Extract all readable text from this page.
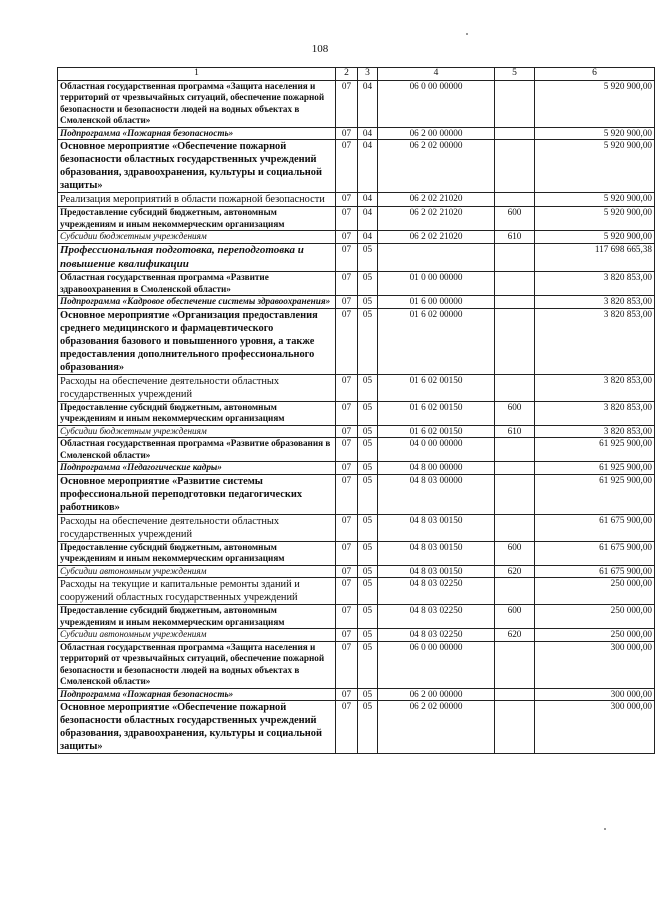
108
1	2	3	4	5	6
Областная государственная программа «Защита населения и территорий от чрезвычайных ситуаций, обеспечение пожарной безопасности и безопасности людей на водных объектах в Смоленской области»	07	04	06 0 00 00000		5 920 900,00
Подпрограмма «Пожарная безопасность»	07	04	06 2 00 00000		5 920 900,00
Основное мероприятие «Обеспечение пожарной безопасности областных государственных учреждений образования, здравоохранения, культуры и социальной защиты»	07	04	06 2 02 00000		5 920 900,00
Реализация мероприятий в области пожарной безопасности	07	04	06 2 02 21020		5 920 900,00
Предоставление субсидий бюджетным, автономным учреждениям и иным некоммерческим организациям	07	04	06 2 02 21020	600	5 920 900,00
Субсидии бюджетным учреждениям	07	04	06 2 02 21020	610	5 920 900,00
Профессиональная подготовка, переподготовка и повышение квалификации	07	05			117 698 665,38
Областная государственная программа «Развитие здравоохранения в Смоленской области»	07	05	01 0 00 00000		3 820 853,00
Подпрограмма «Кадровое обеспечение системы здравоохранения»	07	05	01 6 00 00000		3 820 853,00
Основное мероприятие «Организация предоставления среднего медицинского и фармацевтического образования базового и повышенного уровня, а также предоставления дополнительного профессионального образования»	07	05	01 6 02 00000		3 820 853,00
Расходы на обеспечение деятельности областных государственных учреждений	07	05	01 6 02 00150		3 820 853,00
Предоставление субсидий бюджетным, автономным учреждениям и иным некоммерческим организациям	07	05	01 6 02 00150	600	3 820 853,00
Субсидии бюджетным учреждениям	07	05	01 6 02 00150	610	3 820 853,00
Областная государственная программа «Развитие образования в Смоленской области»	07	05	04 0 00 00000		61 925 900,00
Подпрограмма «Педагогические кадры»	07	05	04 8 00 00000		61 925 900,00
Основное мероприятие «Развитие системы профессиональной переподготовки педагогических работников»	07	05	04 8 03 00000		61 925 900,00
Расходы на обеспечение деятельности областных государственных учреждений	07	05	04 8 03 00150		61 675 900,00
Предоставление субсидий бюджетным, автономным учреждениям и иным некоммерческим организациям	07	05	04 8 03 00150	600	61 675 900,00
Субсидии автономным учреждениям	07	05	04 8 03 00150	620	61 675 900,00
Расходы на текущие и капитальные ремонты зданий и сооружений областных государственных учреждений	07	05	04 8 03 02250		250 000,00
Предоставление субсидий бюджетным, автономным учреждениям и иным некоммерческим организациям	07	05	04 8 03 02250	600	250 000,00
Субсидии автономным учреждениям	07	05	04 8 03 02250	620	250 000,00
Областная государственная программа «Защита населения и территорий от чрезвычайных ситуаций, обеспечение пожарной безопасности и безопасности людей на водных объектах в Смоленской области»	07	05	06 0 00 00000		300 000,00
Подпрограмма «Пожарная безопасность»	07	05	06 2 00 00000		300 000,00
Основное мероприятие «Обеспечение пожарной безопасности областных государственных учреждений образования, здравоохранения, культуры и социальной защиты»	07	05	06 2 02 00000		300 000,00
